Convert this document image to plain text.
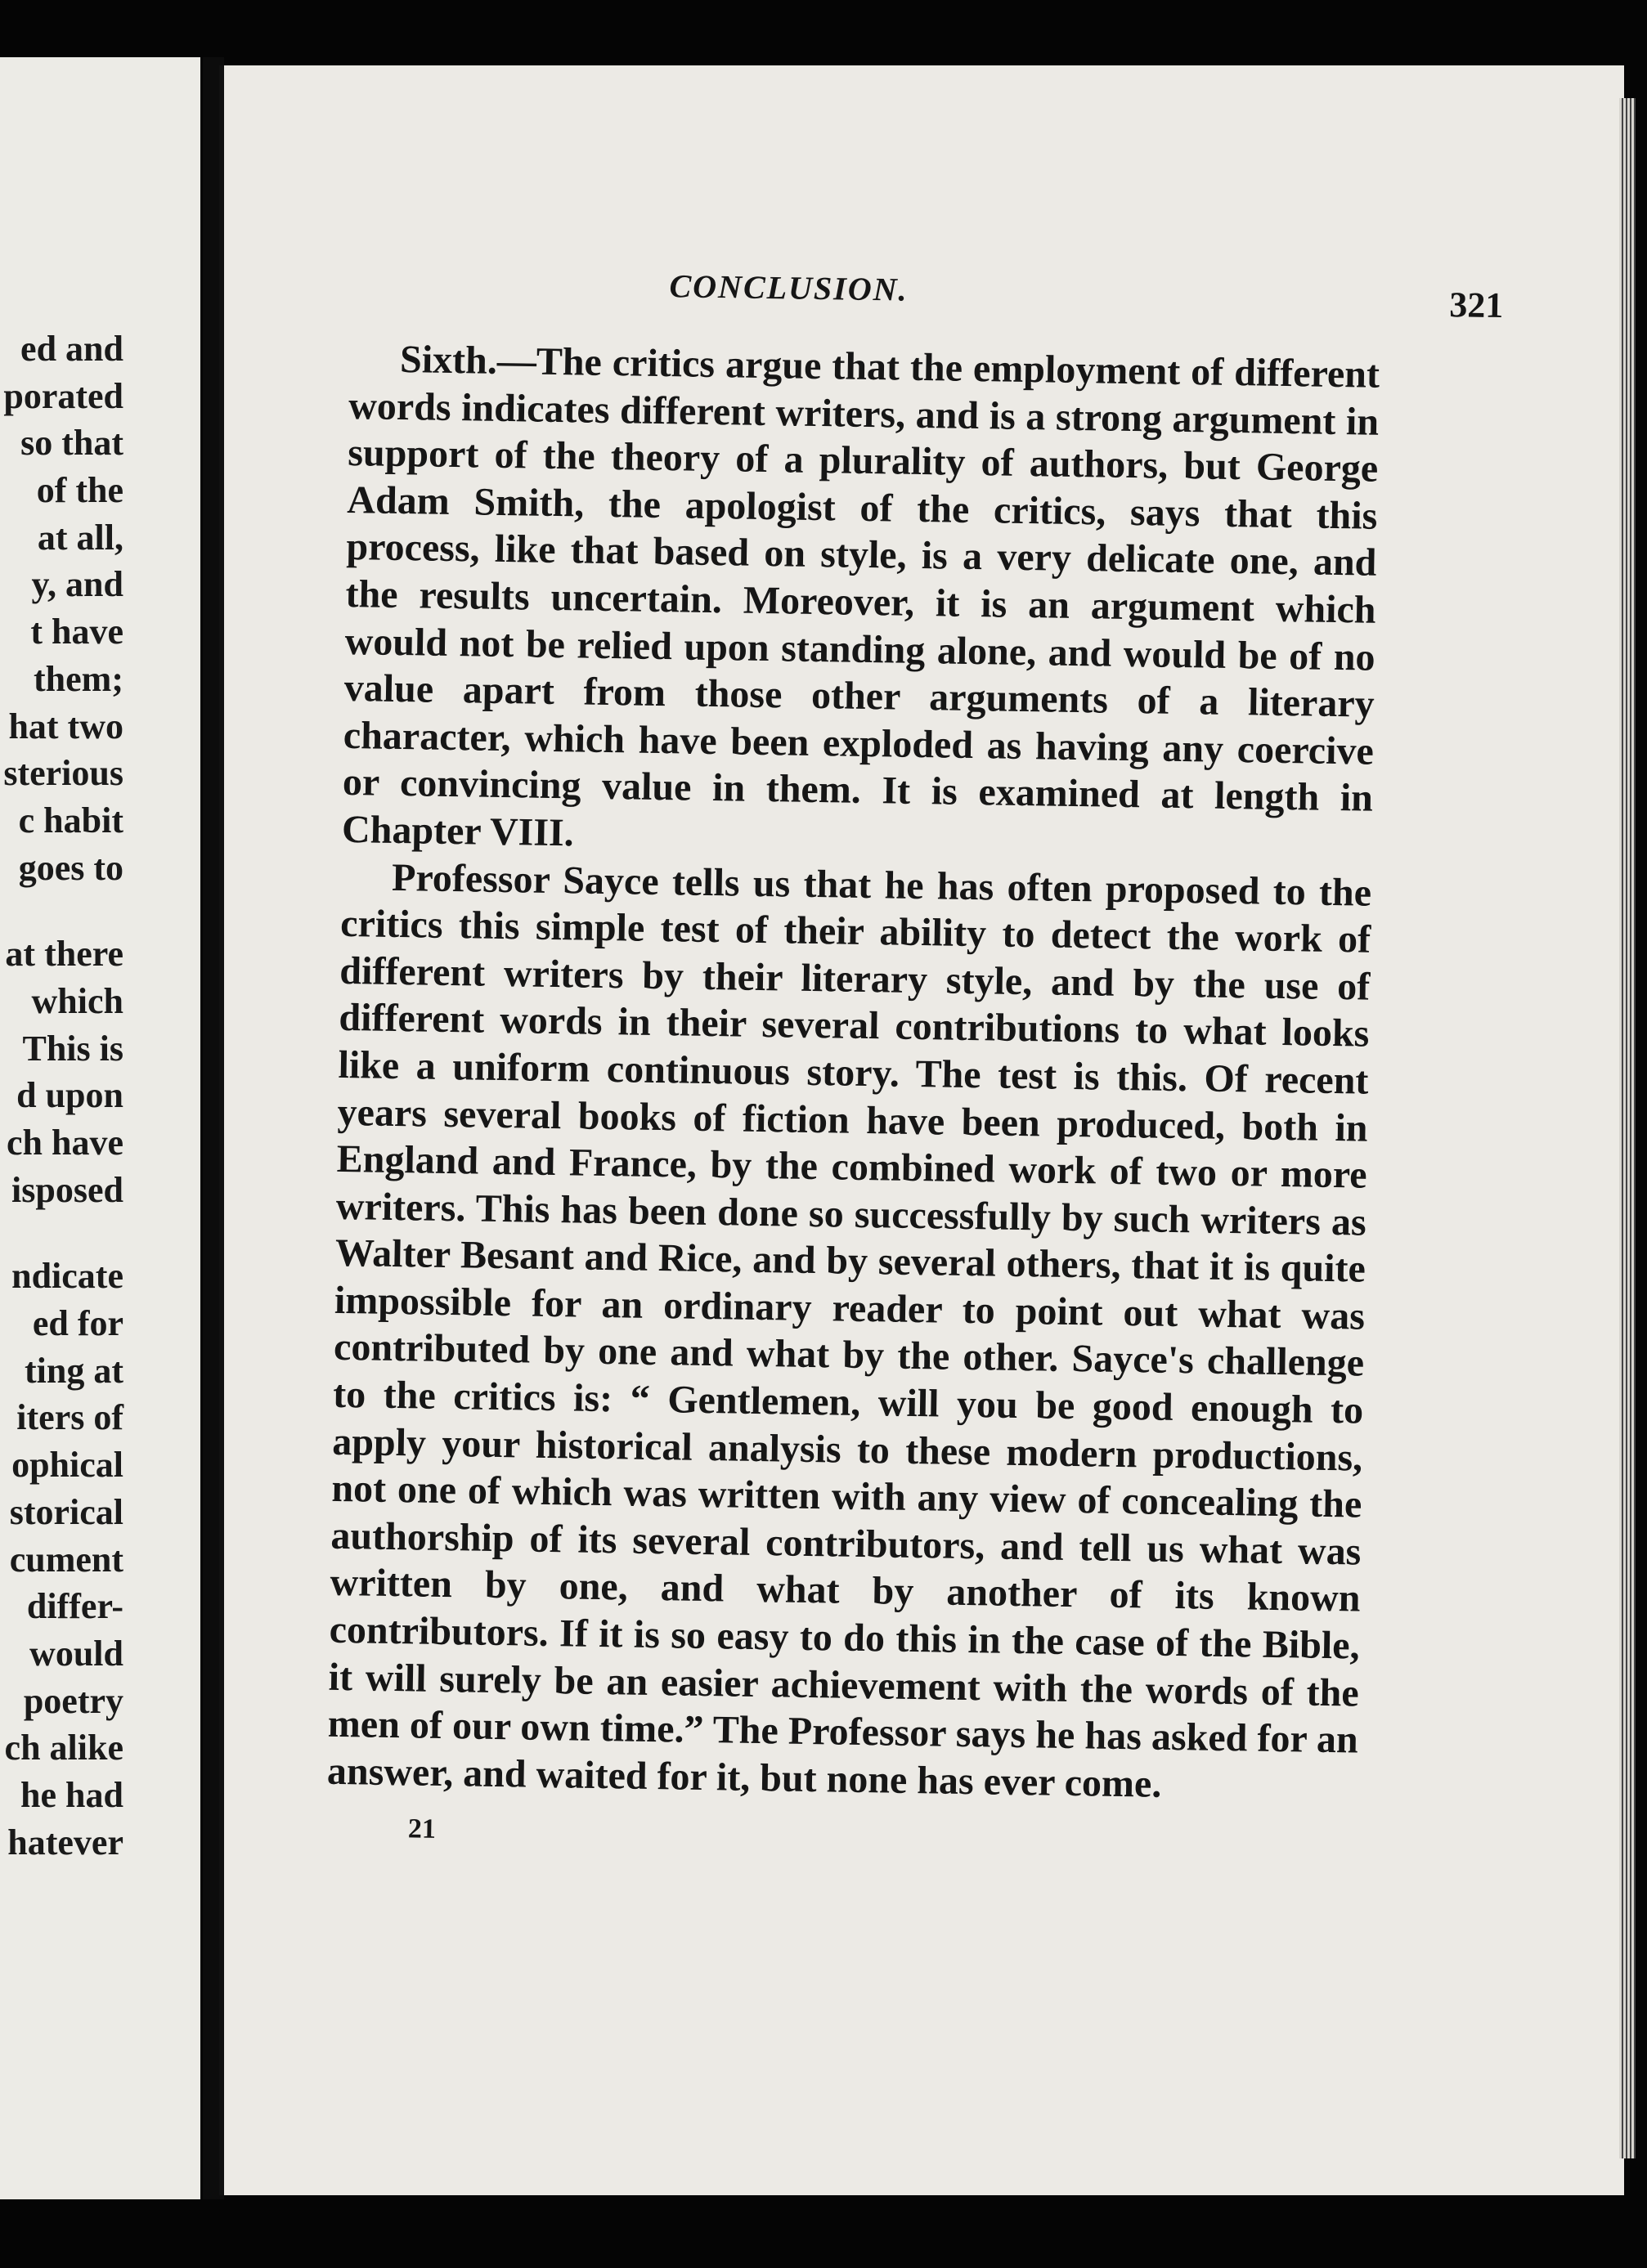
ed and
porated
so that
of the
at all,
y, and
t have
them;
hat two
sterious
c habit
goes to
at there
which
This is
d upon
ch have
isposed
ndicate
ed for
ting at
iters of
ophical
storical
cument
differ-
would
poetry
ch alike
he had
hatever
CONCLUSION.	321

Sixth.—The critics argue that the employment of different words indicates different writers, and is a strong argument in support of the theory of a plurality of authors, but George Adam Smith, the apologist of the critics, says that this process, like that based on style, is a very delicate one, and the results uncertain. Moreover, it is an argument which would not be relied upon standing alone, and would be of no value apart from those other arguments of a literary character, which have been exploded as having any coercive or convincing value in them. It is examined at length in Chapter VIII.

Professor Sayce tells us that he has often proposed to the critics this simple test of their ability to detect the work of different writers by their literary style, and by the use of different words in their several contributions to what looks like a uniform continuous story. The test is this. Of recent years several books of fiction have been produced, both in England and France, by the combined work of two or more writers. This has been done so successfully by such writers as Walter Besant and Rice, and by several others, that it is quite impossible for an ordinary reader to point out what was contributed by one and what by the other. Sayce's challenge to the critics is: “ Gentlemen, will you be good enough to apply your historical analysis to these modern productions, not one of which was written with any view of concealing the authorship of its several contributors, and tell us what was written by one, and what by another of its known contributors. If it is so easy to do this in the case of the Bible, it will surely be an easier achievement with the words of the men of our own time.” The Professor says he has asked for an answer, and waited for it, but none has ever come.

21
